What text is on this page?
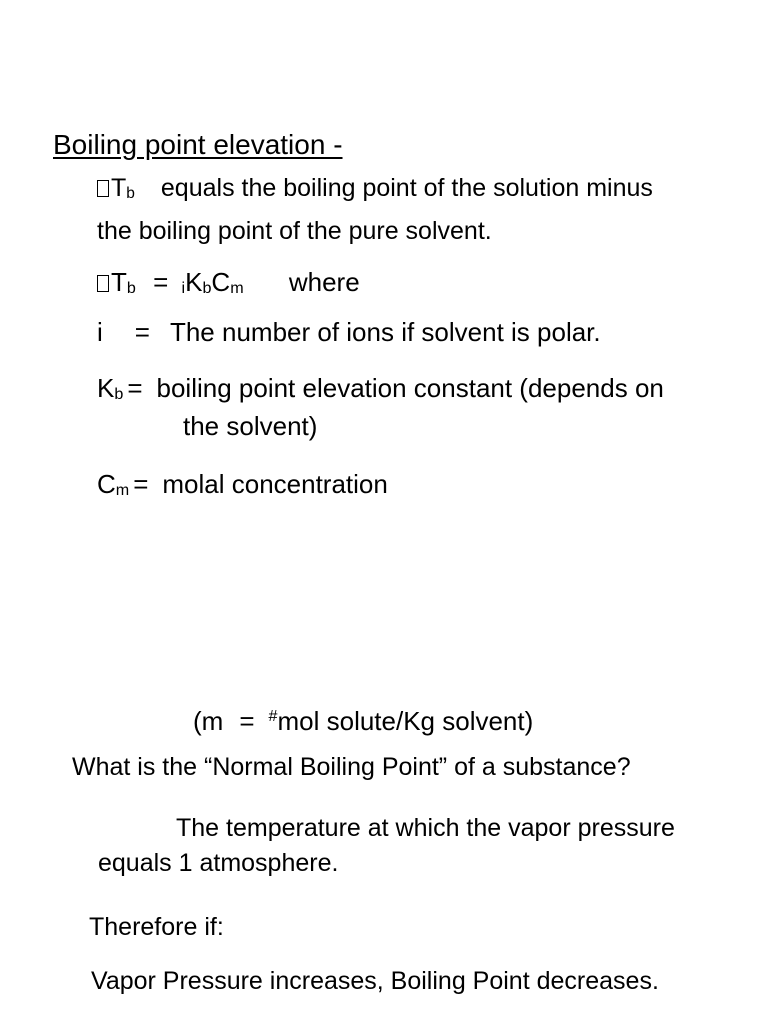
Boiling point elevation -
Tb equals the boiling point of the solution minus
the boiling point of the pure solvent.
Tb = iKbCm where
i = The number of ions if solvent is polar.
Kb = boiling point elevation constant (depends on
the solvent)
Cm = molal concentration
(m = #mol solute/Kg solvent)
What is the “Normal Boiling Point” of a substance?
The temperature at which the vapor pressure
equals 1 atmosphere.
Therefore if:
Vapor Pressure increases, Boiling Point decreases.
